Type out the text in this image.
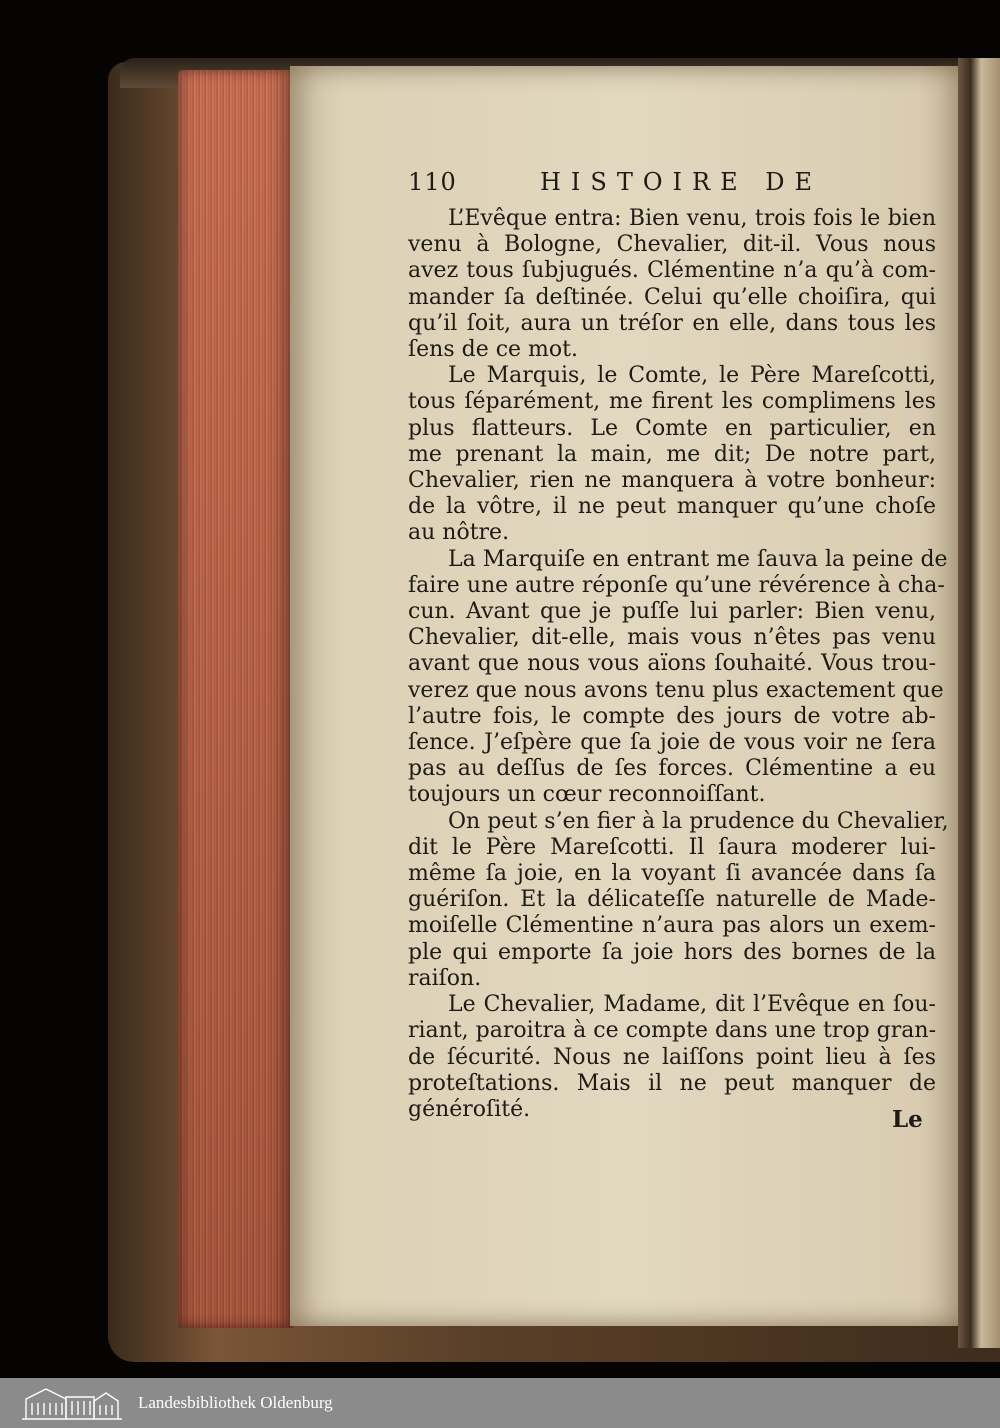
110	HISTOIRE DE

L’Evêque entra: Bien venu, trois fois le bien
venu à Bologne, Chevalier, dit-il. Vous nous
avez tous ſubjugués. Clémentine n’a qu’à com-
mander ſa deſtinée. Celui qu’elle choiſira, qui
qu’il ſoit, aura un tréſor en elle, dans tous les
ſens de ce mot.

Le Marquis, le Comte, le Père Mareſcotti,
tous ſéparément, me firent les complimens les
plus flatteurs. Le Comte en particulier, en
me prenant la main, me dit; De notre part,
Chevalier, rien ne manquera à votre bonheur:
de la vôtre, il ne peut manquer qu’une choſe
au nôtre.

La Marquiſe en entrant me ſauva la peine de
faire une autre réponſe qu’une révérence à cha-
cun. Avant que je puſſe lui parler: Bien venu,
Chevalier, dit-elle, mais vous n’êtes pas venu
avant que nous vous aïons ſouhaité. Vous trou-
verez que nous avons tenu plus exactement que
l’autre fois, le compte des jours de votre ab-
ſence. J’eſpère que ſa joie de vous voir ne ſera
pas au deſſus de ſes forces. Clémentine a eu
toujours un cœur reconnoiſſant.

On peut s’en fier à la prudence du Chevalier,
dit le Père Mareſcotti. Il ſaura moderer lui-
même ſa joie, en la voyant ſi avancée dans ſa
guériſon. Et la délicateſſe naturelle de Made-
moiſelle Clémentine n’aura pas alors un exem-
ple qui emporte ſa joie hors des bornes de la
raiſon.

Le Chevalier, Madame, dit l’Evêque en ſou-
riant, paroitra à ce compte dans une trop gran-
de ſécurité. Nous ne laiſſons point lieu à ſes
proteſtations. Mais il ne peut manquer de
généroſité.	Le
Landesbibliothek Oldenburg
